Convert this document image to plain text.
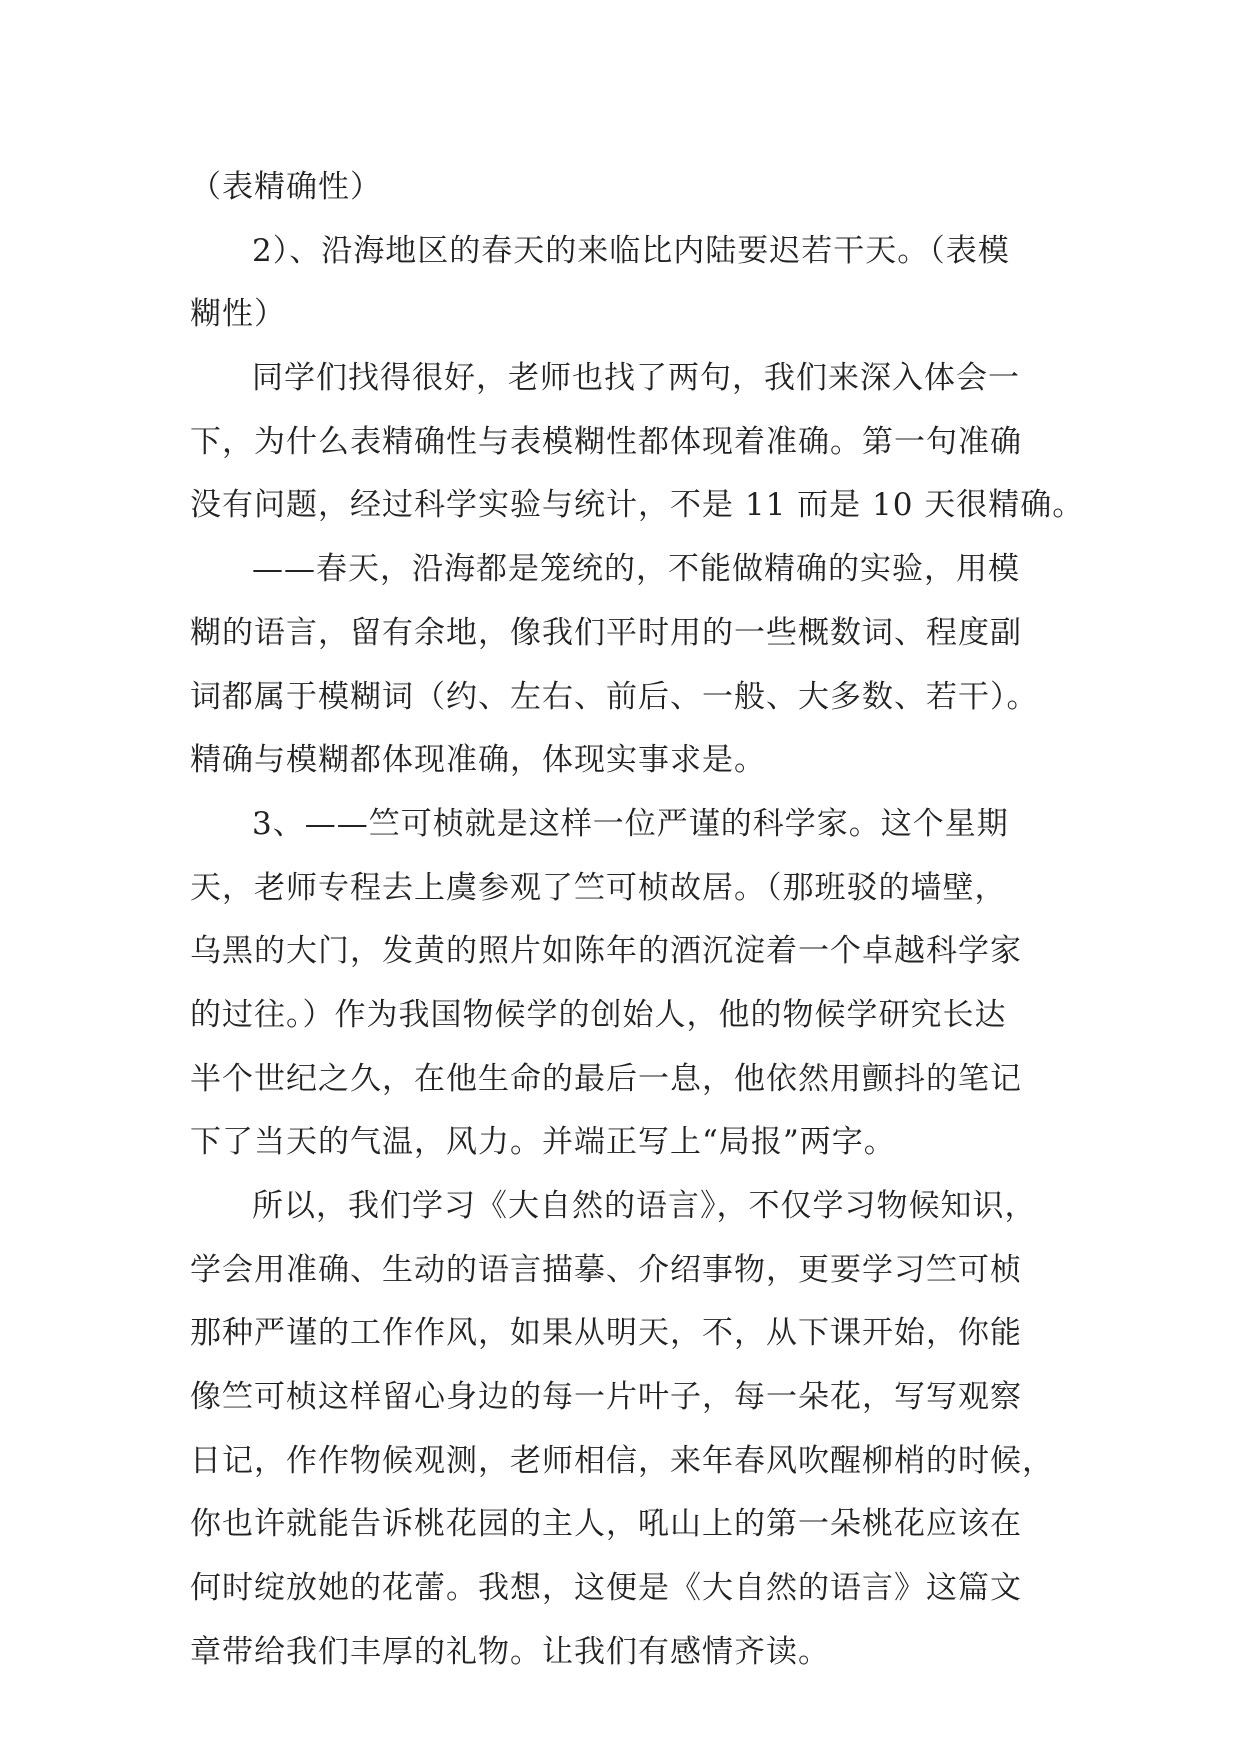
（表精确性）
2）、沿海地区的春天的来临比内陆要迟若干天。（表模
糊性）
同学们找得很好，老师也找了两句，我们来深入体会一
下，为什么表精确性与表模糊性都体现着准确。第一句准确
没有问题，经过科学实验与统计，不是 11 而是 10 天很精确。
——春天，沿海都是笼统的，不能做精确的实验，用模
糊的语言，留有余地，像我们平时用的一些概数词、程度副
词都属于模糊词（约、左右、前后、一般、大多数、若干）。
精确与模糊都体现准确，体现实事求是。
3、——竺可桢就是这样一位严谨的科学家。这个星期
天，老师专程去上虞参观了竺可桢故居。（那班驳的墙壁，
乌黑的大门，发黄的照片如陈年的酒沉淀着一个卓越科学家
的过往。）作为我国物候学的创始人，他的物候学研究长达
半个世纪之久，在他生命的最后一息，他依然用颤抖的笔记
下了当天的气温，风力。并端正写上“局报”两字。
所以，我们学习《大自然的语言》，不仅学习物候知识，
学会用准确、生动的语言描摹、介绍事物，更要学习竺可桢
那种严谨的工作作风，如果从明天，不，从下课开始，你能
像竺可桢这样留心身边的每一片叶子，每一朵花，写写观察
日记，作作物候观测，老师相信，来年春风吹醒柳梢的时候，
你也许就能告诉桃花园的主人，吼山上的第一朵桃花应该在
何时绽放她的花蕾。我想，这便是《大自然的语言》这篇文
章带给我们丰厚的礼物。让我们有感情齐读。
